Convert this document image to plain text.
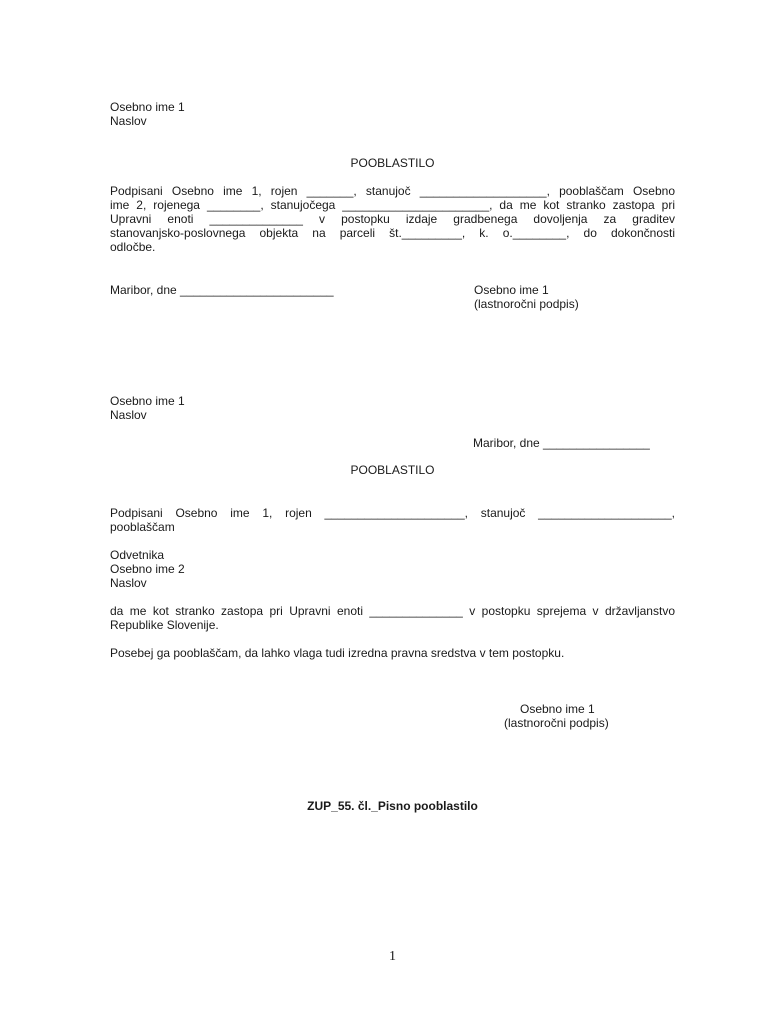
Osebno ime 1
Naslov
POOBLASTILO
Podpisani Osebno ime 1, rojen _______, stanujoč ___________________, pooblaščam Osebno
ime 2, rojenega ________, stanujočega ______________________, da me kot stranko zastopa pri
Upravni enoti ______________ v postopku izdaje gradbenega dovoljenja za graditev
stanovanjsko-poslovnega objekta na parceli št._________, k. o.________, do dokončnosti
odločbe.
Maribor, dne _______________________	Osebno ime 1
(lastnoročni podpis)
Osebno ime 1
Naslov
Maribor, dne ________________
POOBLASTILO
Podpisani Osebno ime 1, rojen _____________________, stanujoč ____________________,
pooblaščam
Odvetnika
Osebno ime 2
Naslov
da me kot stranko zastopa pri Upravni enoti ______________ v postopku sprejema v državljanstvo
Republike Slovenije.
Posebej ga pooblaščam, da lahko vlaga tudi izredna pravna sredstva v tem postopku.
Osebno ime 1
(lastnoročni podpis)
ZUP_55. čl._Pisno pooblastilo
1
